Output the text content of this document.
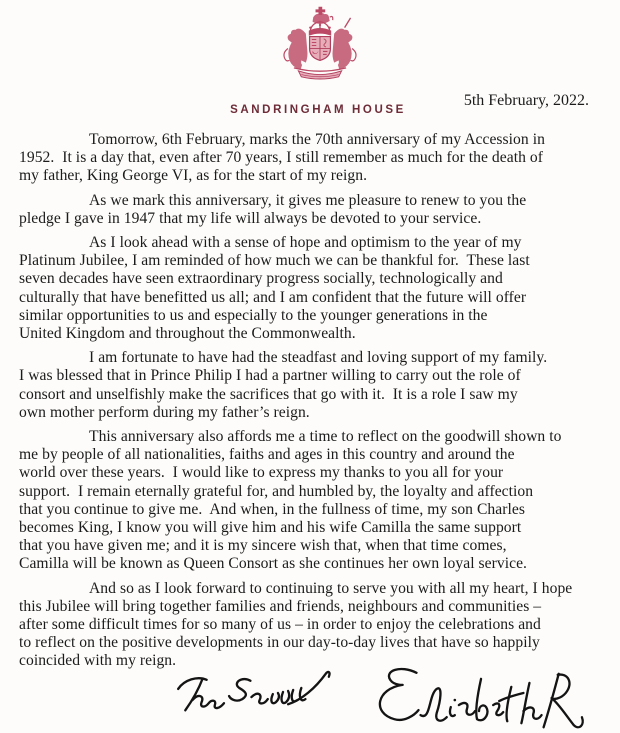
SANDRINGHAM HOUSE
5th February, 2022.

Tomorrow, 6th February, marks the 70th anniversary of my Accession in
1952.  It is a day that, even after 70 years, I still remember as much for the death of
my father, King George VI, as for the start of my reign.

As we mark this anniversary, it gives me pleasure to renew to you the
pledge I gave in 1947 that my life will always be devoted to your service.

As I look ahead with a sense of hope and optimism to the year of my
Platinum Jubilee, I am reminded of how much we can be thankful for.  These last
seven decades have seen extraordinary progress socially, technologically and
culturally that have benefitted us all; and I am confident that the future will offer
similar opportunities to us and especially to the younger generations in the
United Kingdom and throughout the Commonwealth.

I am fortunate to have had the steadfast and loving support of my family.
I was blessed that in Prince Philip I had a partner willing to carry out the role of
consort and unselfishly make the sacrifices that go with it.  It is a role I saw my
own mother perform during my father’s reign.

This anniversary also affords me a time to reflect on the goodwill shown to
me by people of all nationalities, faiths and ages in this country and around the
world over these years.  I would like to express my thanks to you all for your
support.  I remain eternally grateful for, and humbled by, the loyalty and affection
that you continue to give me.  And when, in the fullness of time, my son Charles
becomes King, I know you will give him and his wife Camilla the same support
that you have given me; and it is my sincere wish that, when that time comes,
Camilla will be known as Queen Consort as she continues her own loyal service.

And so as I look forward to continuing to serve you with all my heart, I hope
this Jubilee will bring together families and friends, neighbours and communities –
after some difficult times for so many of us – in order to enjoy the celebrations and
to reflect on the positive developments in our day-to-day lives that have so happily
coincided with my reign.
